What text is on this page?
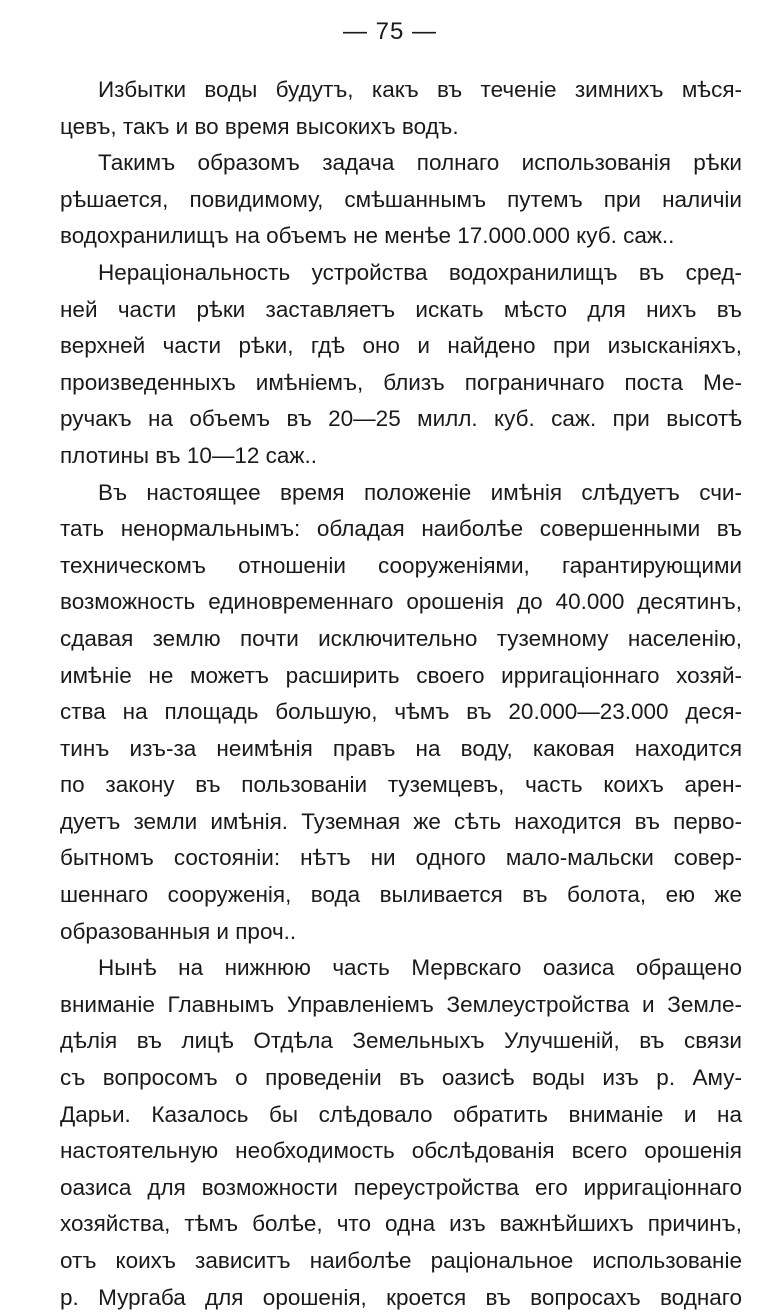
— 75 —
Избытки воды будутъ, какъ въ теченіе зимнихъ мѣся-
цевъ, такъ и во время высокихъ водъ.
Такимъ образомъ задача полнаго использованія рѣки
рѣшается, повидимому, смѣшаннымъ путемъ при наличіи
водохранилищъ на объемъ не менѣе 17.000.000 куб. саж..
Нераціональность устройства водохранилищъ въ сред-
ней части рѣки заставляетъ искать мѣсто для нихъ въ
верхней части рѣки, гдѣ оно и найдено при изысканіяхъ,
произведенныхъ имѣніемъ, близъ пограничнаго поста Ме-
ручакъ на объемъ въ 20—25 милл. куб. саж. при высотѣ
плотины въ 10—12 саж..
Въ настоящее время положеніе имѣнія слѣдуетъ счи-
тать ненормальнымъ: обладая наиболѣе совершенными въ
техническомъ отношеніи сооруженіями, гарантирующими
возможность единовременнаго орошенія до 40.000 десятинъ,
сдавая землю почти исключительно туземному населенію,
имѣніе не можетъ расширить своего ирригаціоннаго хозяй-
ства на площадь большую, чѣмъ въ 20.000—23.000 деся-
тинъ изъ-за неимѣнія правъ на воду, каковая находится
по закону въ пользованіи туземцевъ, часть коихъ арен-
дуетъ земли имѣнія. Туземная же сѣть находится въ перво-
бытномъ состояніи: нѣтъ ни одного мало-мальски совер-
шеннаго сооруженія, вода выливается въ болота, ею же
образованныя и проч..
Нынѣ на нижнюю часть Мервскаго оазиса обращено
вниманіе Главнымъ Управленіемъ Землеустройства и Земле-
дѣлія въ лицѣ Отдѣла Земельныхъ Улучшеній, въ связи
съ вопросомъ о проведеніи въ оазисѣ воды изъ р. Аму-
Дарьи. Казалось бы слѣдовало обратить вниманіе и на
настоятельную необходимость обслѣдованія всего орошенія
оазиса для возможности переустройства его ирригаціоннаго
хозяйства, тѣмъ болѣе, что одна изъ важнѣйшихъ причинъ,
отъ коихъ зависитъ наиболѣе раціональное использованіе
р. Мургаба для орошенія, кроется въ вопросахъ воднаго
